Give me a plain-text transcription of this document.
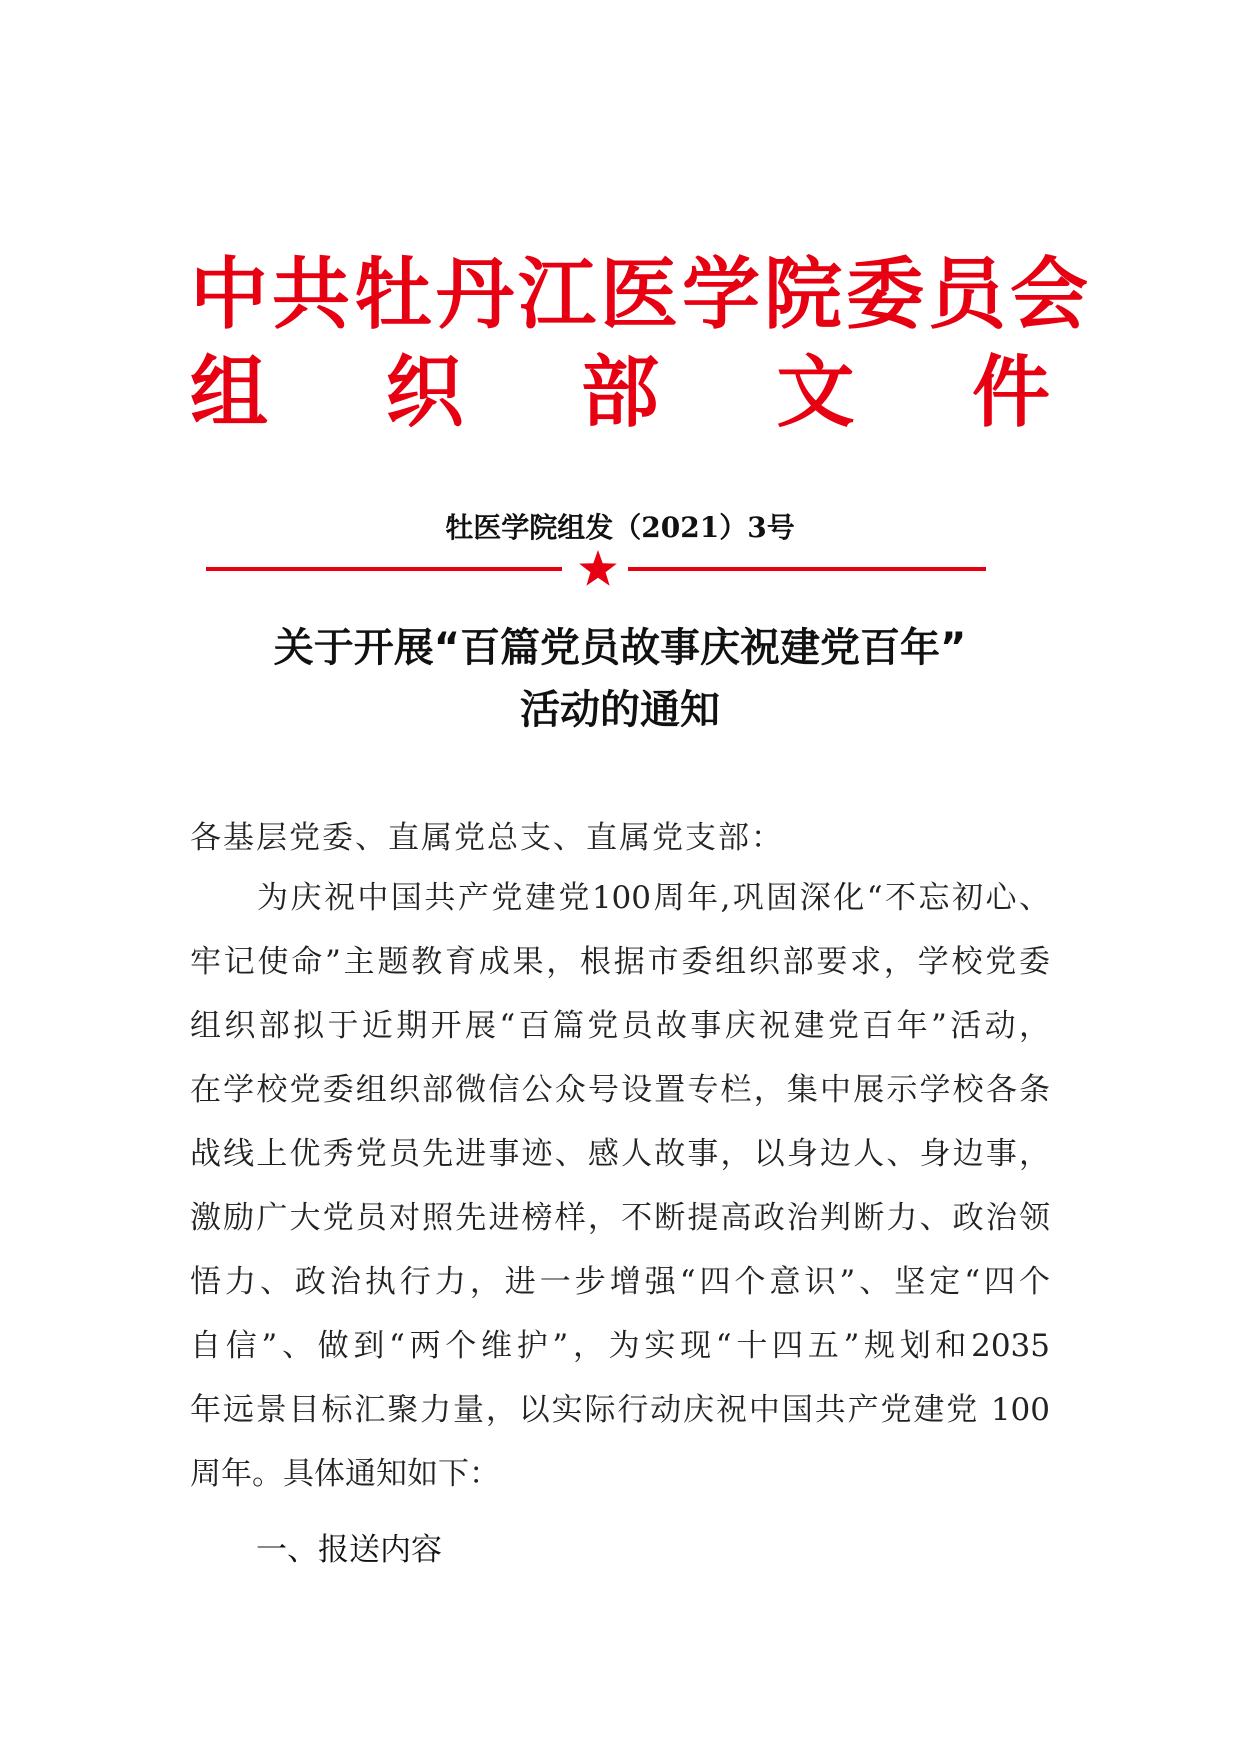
中共牡丹江医学院委员会
组 织 部 文 件
牡医学院组发（2021）3号
关于开展“百篇党员故事庆祝建党百年”
活动的通知
各基层党委、直属党总支、直属党支部：
　　为庆祝中国共产党建党100周年,巩固深化“不忘初心、
牢记使命”主题教育成果，根据市委组织部要求，学校党委
组织部拟于近期开展“百篇党员故事庆祝建党百年”活动，
在学校党委组织部微信公众号设置专栏，集中展示学校各条
战线上优秀党员先进事迹、感人故事，以身边人、身边事，
激励广大党员对照先进榜样，不断提高政治判断力、政治领
悟力、政治执行力，进一步增强“四个意识”、坚定“四个
自信”、做到“两个维护”，为实现“十四五”规划和2035
年远景目标汇聚力量，以实际行动庆祝中国共产党建党 100
周年。具体通知如下：
一、报送内容
